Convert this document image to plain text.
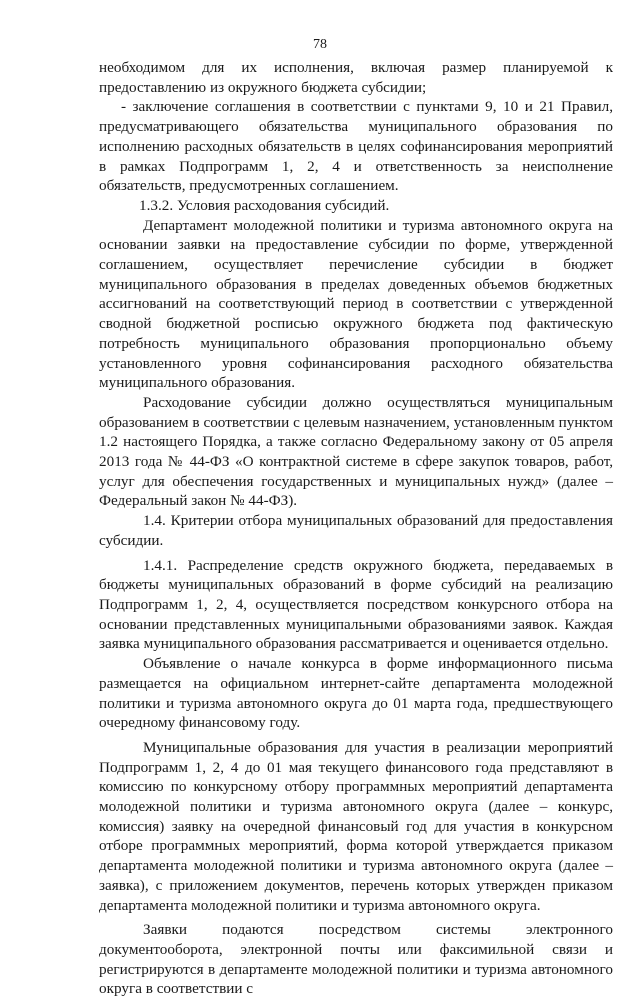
78

необходимом для их исполнения, включая размер планируемой к предоставлению из окружного бюджета субсидии;

- заключение соглашения в соответствии с пунктами 9, 10 и 21 Правил, предусматривающего обязательства муниципального образования по исполнению расходных обязательств в целях софинансирования мероприятий в рамках Подпрограмм 1, 2, 4 и ответственность за неисполнение обязательств, предусмотренных соглашением.

1.3.2. Условия расходования субсидий.

Департамент молодежной политики и туризма автономного округа на основании заявки на предоставление субсидии по форме, утвержденной соглашением, осуществляет перечисление субсидии в бюджет муниципального образования в пределах доведенных объемов бюджетных ассигнований на соответствующий период в соответствии с утвержденной сводной бюджетной росписью окружного бюджета под фактическую потребность муниципального образования пропорционально объему установленного уровня софинансирования расходного обязательства муниципального образования.

Расходование субсидии должно осуществляться муниципальным образованием в соответствии с целевым назначением, установленным пунктом 1.2 настоящего Порядка, а также согласно Федеральному закону от 05 апреля 2013 года № 44-ФЗ «О контрактной системе в сфере закупок товаров, работ, услуг для обеспечения государственных и муниципальных нужд» (далее – Федеральный закон № 44-ФЗ).

1.4. Критерии отбора муниципальных образований для предоставления субсидии.

1.4.1. Распределение средств окружного бюджета, передаваемых в бюджеты муниципальных образований в форме субсидий на реализацию Подпрограмм 1, 2, 4, осуществляется посредством конкурсного отбора на основании представленных муниципальными образованиями заявок. Каждая заявка муниципального образования рассматривается и оценивается отдельно.

Объявление о начале конкурса в форме информационного письма размещается на официальном интернет-сайте департамента молодежной политики и туризма автономного округа до 01 марта года, предшествующего очередному финансовому году.

Муниципальные образования для участия в реализации мероприятий Подпрограмм 1, 2, 4 до 01 мая текущего финансового года представляют в комиссию по конкурсному отбору программных мероприятий департамента молодежной политики и туризма автономного округа (далее – конкурс, комиссия) заявку на очередной финансовый год для участия в конкурсном отборе программных мероприятий, форма которой утверждается приказом департамента молодежной политики и туризма автономного округа (далее – заявка), с приложением документов, перечень которых утвержден приказом департамента молодежной политики и туризма автономного округа.

Заявки подаются посредством системы электронного документооборота, электронной почты или факсимильной связи и регистрируются в департаменте молодежной политики и туризма автономного округа в соответствии с
